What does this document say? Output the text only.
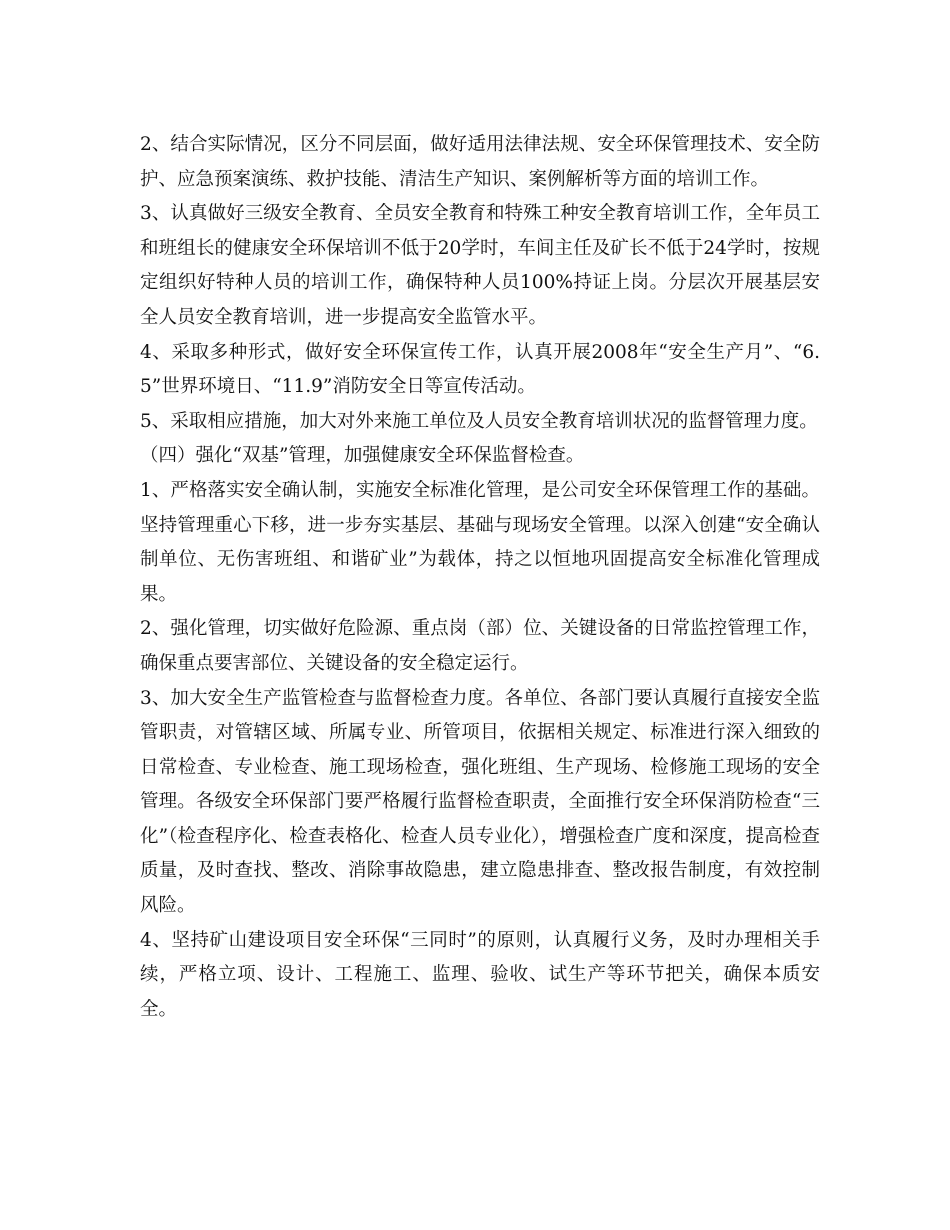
2、结合实际情况，区分不同层面，做好适用法律法规、安全环保管理技术、安全防护、应急预案演练、救护技能、清洁生产知识、案例解析等方面的培训工作。

3、认真做好三级安全教育、全员安全教育和特殊工种安全教育培训工作，全年员工和班组长的健康安全环保培训不低于20学时，车间主任及矿长不低于24学时，按规定组织好特种人员的培训工作，确保特种人员100%持证上岗。分层次开展基层安全人员安全教育培训，进一步提高安全监管水平。

4、采取多种形式，做好安全环保宣传工作，认真开展2008年“安全生产月”、“6.5”世界环境日、“11.9”消防安全日等宣传活动。

5、采取相应措施，加大对外来施工单位及人员安全教育培训状况的监督管理力度。

（四）强化“双基”管理，加强健康安全环保监督检查。

1、严格落实安全确认制，实施安全标准化管理，是公司安全环保管理工作的基础。坚持管理重心下移，进一步夯实基层、基础与现场安全管理。以深入创建“安全确认制单位、无伤害班组、和谐矿业”为载体，持之以恒地巩固提高安全标准化管理成果。

2、强化管理，切实做好危险源、重点岗（部）位、关键设备的日常监控管理工作，确保重点要害部位、关键设备的安全稳定运行。

3、加大安全生产监管检查与监督检查力度。各单位、各部门要认真履行直接安全监管职责，对管辖区域、所属专业、所管项目，依据相关规定、标准进行深入细致的日常检查、专业检查、施工现场检查，强化班组、生产现场、检修施工现场的安全管理。各级安全环保部门要严格履行监督检查职责，全面推行安全环保消防检查“三化”（检查程序化、检查表格化、检查人员专业化），增强检查广度和深度，提高检查质量，及时查找、整改、消除事故隐患，建立隐患排查、整改报告制度，有效控制风险。

4、坚持矿山建设项目安全环保“三同时”的原则，认真履行义务，及时办理相关手续，严格立项、设计、工程施工、监理、验收、试生产等环节把关，确保本质安全。
